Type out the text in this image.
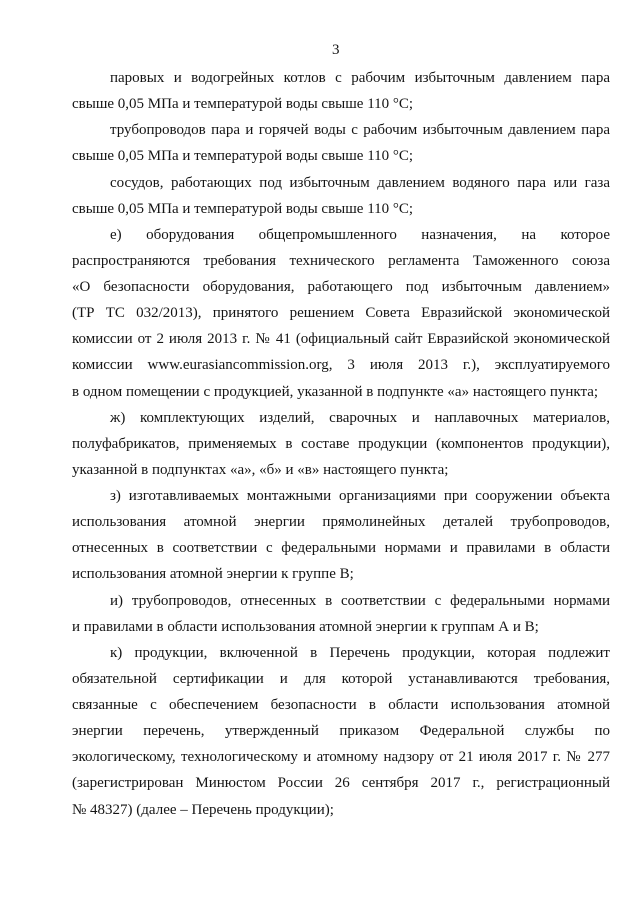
3
паровых и водогрейных котлов с рабочим избыточным давлением пара
свыше 0,05 МПа и температурой воды свыше 110 °С;
трубопроводов пара и горячей воды с рабочим избыточным давлением пара
свыше 0,05 МПа и температурой воды свыше 110 °С;
сосудов, работающих под избыточным давлением водяного пара или газа
свыше 0,05 МПа и температурой воды свыше 110 °С;
е) оборудования общепромышленного назначения, на которое
распространяются требования технического регламента Таможенного союза
«О безопасности оборудования, работающего под избыточным давлением»
(ТР ТС 032/2013), принятого решением Совета Евразийской экономической
комиссии от 2 июля 2013 г. № 41 (официальный сайт Евразийской экономической
комиссии www.eurasiancommission.org, 3 июля 2013 г.), эксплуатируемого
в одном помещении с продукцией, указанной в подпункте «а» настоящего пункта;
ж) комплектующих изделий, сварочных и наплавочных материалов,
полуфабрикатов, применяемых в составе продукции (компонентов продукции),
указанной в подпунктах «а», «б» и «в» настоящего пункта;
з) изготавливаемых монтажными организациями при сооружении объекта
использования атомной энергии прямолинейных деталей трубопроводов,
отнесенных в соответствии с федеральными нормами и правилами в области
использования атомной энергии к группе В;
и) трубопроводов, отнесенных в соответствии с федеральными нормами
и правилами в области использования атомной энергии к группам А и В;
к) продукции, включенной в Перечень продукции, которая подлежит
обязательной сертификации и для которой устанавливаются требования,
связанные с обеспечением безопасности в области использования атомной
энергии перечень, утвержденный приказом Федеральной службы по
экологическому, технологическому и атомному надзору от 21 июля 2017 г. № 277
(зарегистрирован Минюстом России 26 сентября 2017 г., регистрационный
№ 48327) (далее – Перечень продукции);
